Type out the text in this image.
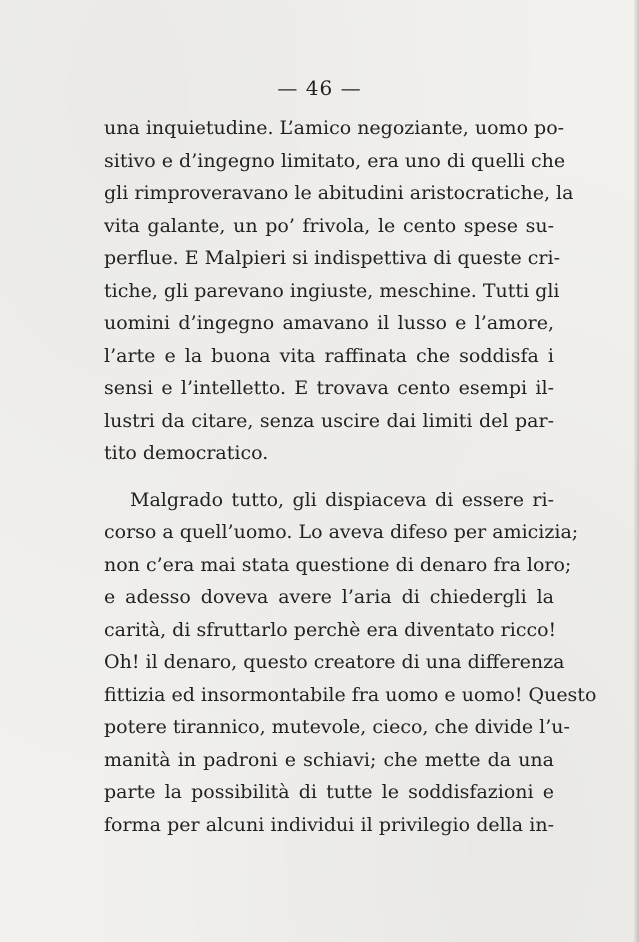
— 46 —
una inquietudine. L’amico negoziante, uomo po-
sitivo e d’ingegno limitato, era uno di quelli che
gli rimproveravano le abitudini aristocratiche, la
vita galante, un po’ frivola, le cento spese su-
perflue. E Malpieri si indispettiva di queste cri-
tiche, gli parevano ingiuste, meschine. Tutti gli
uomini d’ingegno amavano il lusso e l’amore,
l’arte e la buona vita raffinata che soddisfa i
sensi e l’intelletto. E trovava cento esempi il-
lustri da citare, senza uscire dai limiti del par-
tito democratico.
Malgrado tutto, gli dispiaceva di essere ri-
corso a quell’uomo. Lo aveva difeso per amicizia;
non c’era mai stata questione di denaro fra loro;
e adesso doveva avere l’aria di chiedergli la
carità, di sfruttarlo perchè era diventato ricco!
Oh! il denaro, questo creatore di una differenza
fittizia ed insormontabile fra uomo e uomo! Questo
potere tirannico, mutevole, cieco, che divide l’u-
manità in padroni e schiavi; che mette da una
parte la possibilità di tutte le soddisfazioni e
forma per alcuni individui il privilegio della in-
